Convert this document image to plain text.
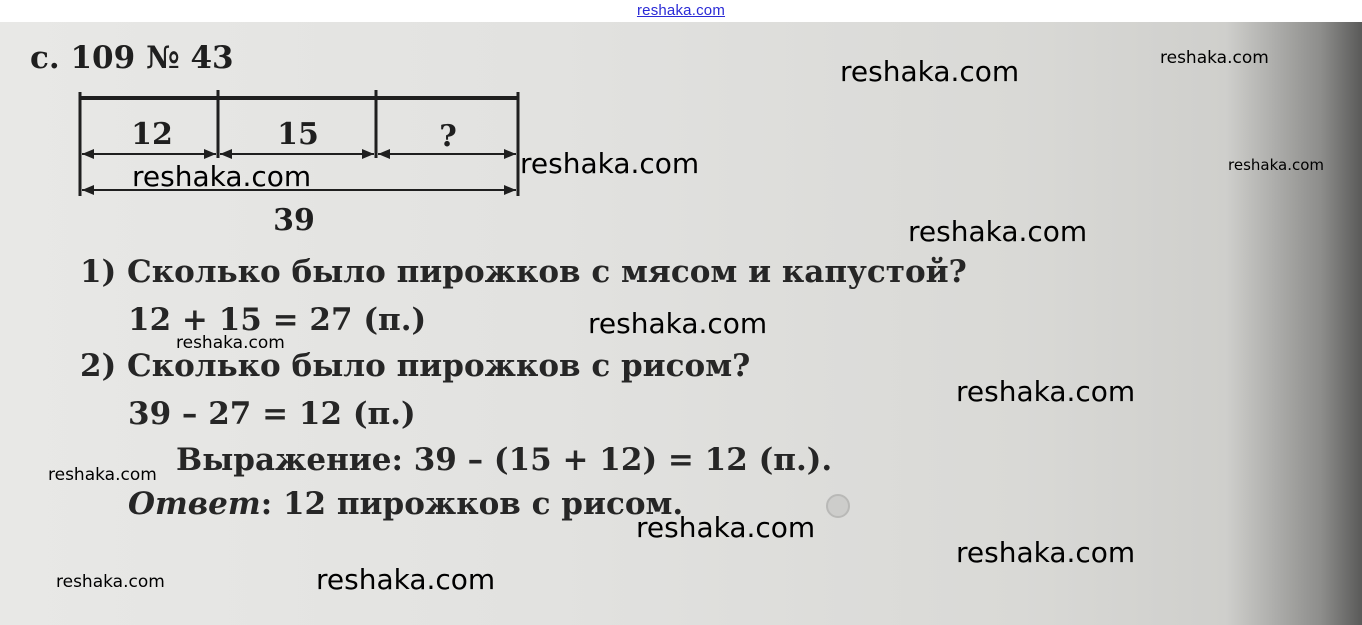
reshaka.com
с. 109 № 43
12	15	?
39
1) Сколько было пирожков с мясом и капустой?
12 + 15 = 27 (п.)
2) Сколько было пирожков с рисом?
39 – 27 = 12 (п.)
Выражение: 39 – (15 + 12) = 12 (п.).
Ответ: 12 пирожков с рисом.
reshaka.com	reshaka.com
reshaka.com	reshaka.com
reshaka.com
reshaka.com
reshaka.com
reshaka.com
reshaka.com
reshaka.com
reshaka.com
reshaka.com
reshaka.com	reshaka.com
